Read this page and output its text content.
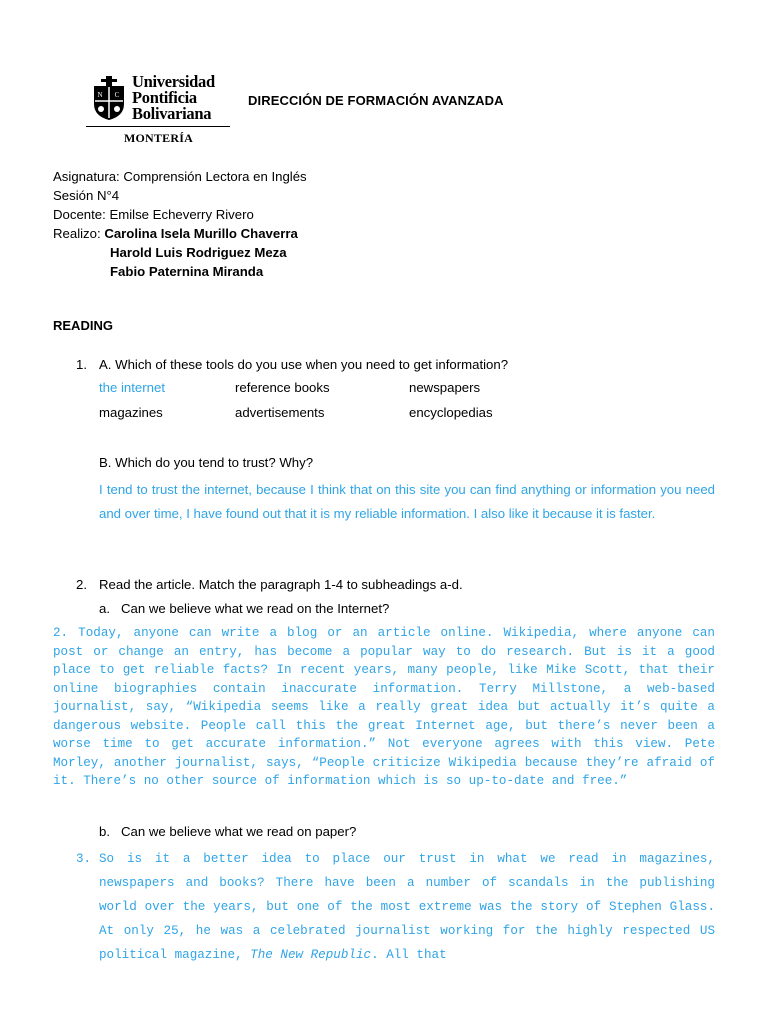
N C
Universidad
Pontificia
Bolivariana
MONTERÍA
DIRECCIÓN DE FORMACIÓN AVANZADA
Asignatura: Comprensión Lectora en Inglés
Sesión N°4
Docente: Emilse Echeverry Rivero
Realizo: Carolina Isela Murillo Chaverra
Harold Luis Rodriguez Meza
Fabio Paternina Miranda
READING
1. A. Which of these tools do you use when you need to get information?
the internet	reference books	newspapers
magazines	advertisements	encyclopedias
B. Which do you tend to trust? Why?
I tend to trust the internet, because I think that on this site you can find anything or information you need and over time, I have found out that it is my reliable information. I also like it because it is faster.
2. Read the article. Match the paragraph 1-4 to subheadings a-d.
a. Can we believe what we read on the Internet?
2. Today, anyone can write a blog or an article online. Wikipedia, where anyone can post or change an entry, has become a popular way to do research. But is it a good place to get reliable facts? In recent years, many people, like Mike Scott, that their online biographies contain inaccurate information. Terry Millstone, a web-based journalist, say, “Wikipedia seems like a really great idea but actually it’s quite a dangerous website. People call this the great Internet age, but there’s never been a worse time to get accurate information.” Not everyone agrees with this view. Pete Morley, another journalist, says, “People criticize Wikipedia because they’re afraid of it. There’s no other source of information which is so up-to-date and free.”
b. Can we believe what we read on paper?
3. So is it a better idea to place our trust in what we read in magazines, newspapers and books? There have been a number of scandals in the publishing world over the years, but one of the most extreme was the story of Stephen Glass. At only 25, he was a celebrated journalist working for the highly respected US political magazine, The New Republic. All that
